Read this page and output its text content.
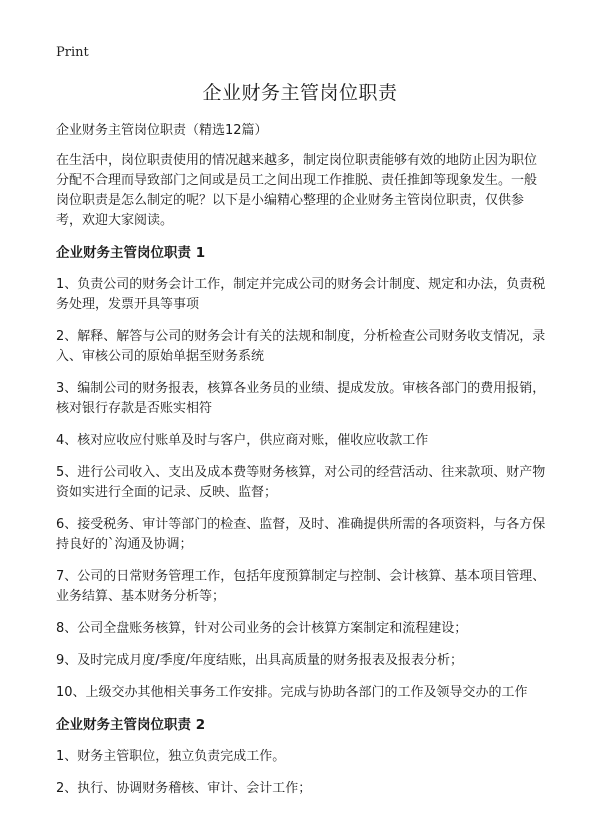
Print
企业财务主管岗位职责

企业财务主管岗位职责（精选12篇）

在生活中，岗位职责使用的情况越来越多，制定岗位职责能够有效的地防止因为职位分配不合理而导致部门之间或是员工之间出现工作推脱、责任推卸等现象发生。一般岗位职责是怎么制定的呢？以下是小编精心整理的企业财务主管岗位职责，仅供参考，欢迎大家阅读。

企业财务主管岗位职责 1

1、负责公司的财务会计工作，制定并完成公司的财务会计制度、规定和办法，负责税务处理，发票开具等事项

2、解释、解答与公司的财务会计有关的法规和制度，分析检查公司财务收支情况，录入、审核公司的原始单据至财务系统

3、编制公司的财务报表，核算各业务员的业绩、提成发放。审核各部门的费用报销，核对银行存款是否账实相符

4、核对应收应付账单及时与客户，供应商对账，催收应收款工作

5、进行公司收入、支出及成本费等财务核算，对公司的经营活动、往来款项、财产物资如实进行全面的记录、反映、监督；

6、接受税务、审计等部门的检查、监督，及时、准确提供所需的各项资料，与各方保持良好的`沟通及协调；

7、公司的日常财务管理工作，包括年度预算制定与控制、会计核算、基本项目管理、业务结算、基本财务分析等；

8、公司全盘账务核算，针对公司业务的会计核算方案制定和流程建设；

9、及时完成月度/季度/年度结账，出具高质量的财务报表及报表分析；

10、上级交办其他相关事务工作安排。完成与协助各部门的工作及领导交办的工作

企业财务主管岗位职责 2

1、财务主管职位，独立负责完成工作。

2、执行、协调财务稽核、审计、会计工作；
